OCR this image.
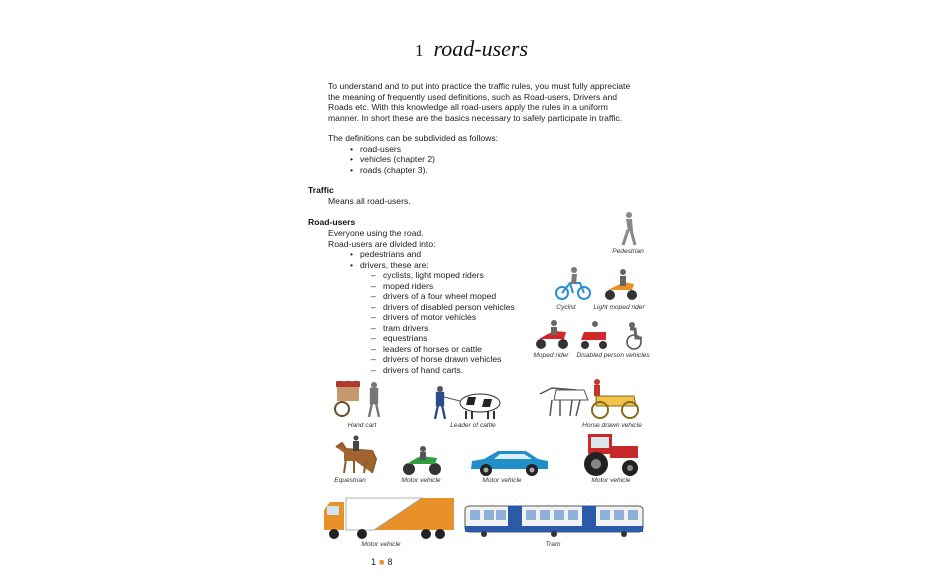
1 road-users
To understand and to put into practice the traffic rules, you must fully appreciate the meaning of frequently used definitions, such as Road-users, Drivers and Roads etc. With this knowledge all road-users apply the rules in a uniform manner. In short these are the basics necessary to safely participate in traffic.
The definitions can be subdivided as follows:
• road-users
• vehicles (chapter 2)
• roads (chapter 3).
Traffic
Means all road-users.
Road-users
Everyone using the road.
Road-users are divided into:
• pedestrians and
• drivers, these are:
– cyclists, light moped riders
– moped riders
– drivers of a four wheel moped
– drivers of disabled person vehicles
– drivers of motor vehicles
– tram drivers
– equestrians
– leaders of horses or cattle
– drivers of horse drawn vehicles
– drivers of hand carts.
Pedestrian
Cyclist	Light moped rider
Moped rider	Disabled person vehicles
Hand cart	Leader of cattle	Horse drawn vehicle
Equestrian	Motor vehicle	Motor vehicle	Motor vehicle
Motor vehicle	Tram
1 ■ 8
